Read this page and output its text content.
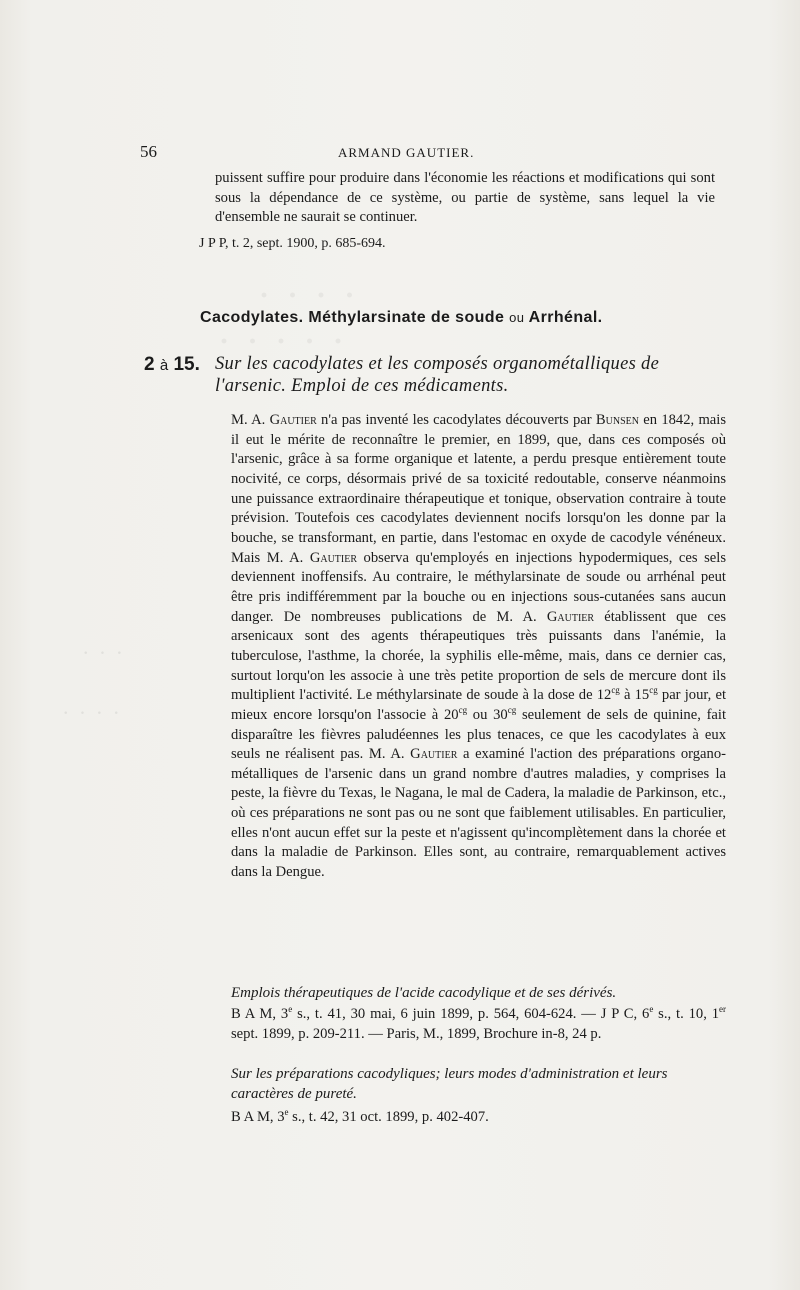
· · · ·
· · · · ·
· · ·
· · · ·
56	ARMAND GAUTIER.
puissent suffire pour produire dans l'économie les réactions et modifications qui sont sous la dépendance de ce système, ou partie de système, sans lequel la vie d'ensemble ne saurait se continuer.
J P P, t. 2, sept. 1900, p. 685-694.
Cacodylates. Méthylarsinate de soude ou Arrhénal.
2 à 15. Sur les cacodylates et les composés organométalliques de l'arsenic. Emploi de ces médicaments.
M. A. Gautier n'a pas inventé les cacodylates découverts par Bunsen en 1842, mais il eut le mérite de reconnaître le premier, en 1899, que, dans ces composés où l'arsenic, grâce à sa forme organique et latente, a perdu presque entièrement toute nocivité, ce corps, désormais privé de sa toxicité redoutable, conserve néanmoins une puissance extraordinaire thérapeutique et tonique, observation contraire à toute prévision. Toutefois ces cacodylates deviennent nocifs lorsqu'on les donne par la bouche, se transformant, en partie, dans l'estomac en oxyde de cacodyle vénéneux. Mais M. A. Gautier observa qu'employés en injections hypodermiques, ces sels deviennent inoffensifs. Au contraire, le méthylarsinate de soude ou arrhénal peut être pris indifféremment par la bouche ou en injections sous-cutanées sans aucun danger. De nombreuses publications de M. A. Gautier établissent que ces arsenicaux sont des agents thérapeutiques très puissants dans l'anémie, la tuberculose, l'asthme, la chorée, la syphilis elle-même, mais, dans ce dernier cas, surtout lorqu'on les associe à une très petite proportion de sels de mercure dont ils multiplient l'activité. Le méthylarsinate de soude à la dose de $12^{cg}$ à $15^{cg}$ par jour, et mieux encore lorsqu'on l'associe à $20^{cg}$ ou $30^{cg}$ seulement de sels de quinine, fait disparaître les fièvres paludéennes les plus tenaces, ce que les cacodylates à eux seuls ne réalisent pas. M. A. Gautier a examiné l'action des préparations organo-métalliques de l'arsenic dans un grand nombre d'autres maladies, y comprises la peste, la fièvre du Texas, le Nagana, le mal de Cadera, la maladie de Parkinson, etc., où ces préparations ne sont pas ou ne sont que faiblement utilisables. En particulier, elles n'ont aucun effet sur la peste et n'agissent qu'incomplètement dans la chorée et dans la maladie de Parkinson. Elles sont, au contraire, remarquablement actives dans la Dengue.
Emplois thérapeutiques de l'acide cacodylique et de ses dérivés.
B A M, 3e s., t. 41, 30 mai, 6 juin 1899, p. 564, 604-624. — J P C, 6e s., t. 10, 1er sept. 1899, p. 209-211. — Paris, M., 1899, Brochure in-8, 24 p.
Sur les préparations cacodyliques; leurs modes d'administration et leurs caractères de pureté.
B A M, 3e s., t. 42, 31 oct. 1899, p. 402-407.
